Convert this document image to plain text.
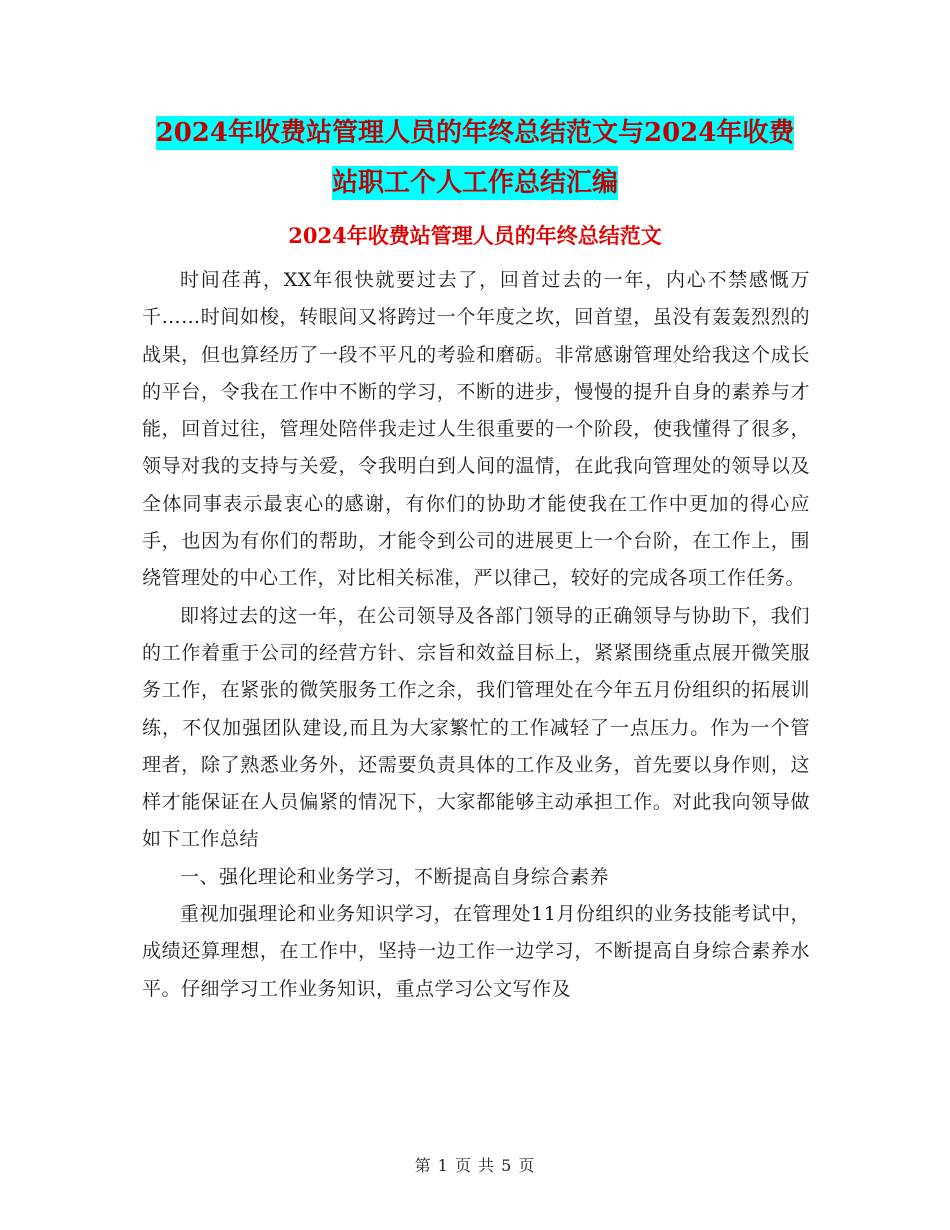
2024年收费站管理人员的年终总结范文与2024年收费
站职工个人工作总结汇编
2024年收费站管理人员的年终总结范文

时间荏苒，XX年很快就要过去了，回首过去的一年，内心不禁感慨万千……时间如梭，转眼间又将跨过一个年度之坎，回首望，虽没有轰轰烈烈的战果，但也算经历了一段不平凡的考验和磨砺。非常感谢管理处给我这个成长的平台，令我在工作中不断的学习，不断的进步，慢慢的提升自身的素养与才能，回首过往，管理处陪伴我走过人生很重要的一个阶段，使我懂得了很多，领导对我的支持与关爱，令我明白到人间的温情，在此我向管理处的领导以及全体同事表示最衷心的感谢，有你们的协助才能使我在工作中更加的得心应手，也因为有你们的帮助，才能令到公司的进展更上一个台阶，在工作上，围绕管理处的中心工作，对比相关标准，严以律己，较好的完成各项工作任务。

即将过去的这一年，在公司领导及各部门领导的正确领导与协助下，我们的工作着重于公司的经营方针、宗旨和效益目标上，紧紧围绕重点展开微笑服务工作，在紧张的微笑服务工作之余，我们管理处在今年五月份组织的拓展训练，不仅加强团队建设,而且为大家繁忙的工作减轻了一点压力。作为一个管理者，除了熟悉业务外，还需要负责具体的工作及业务，首先要以身作则，这样才能保证在人员偏紧的情况下，大家都能够主动承担工作。对此我向领导做如下工作总结

一、强化理论和业务学习，不断提高自身综合素养

重视加强理论和业务知识学习，在管理处11月份组织的业务技能考试中，成绩还算理想，在工作中，坚持一边工作一边学习，不断提高自身综合素养水平。仔细学习工作业务知识，重点学习公文写作及

第 1 页 共 5 页
